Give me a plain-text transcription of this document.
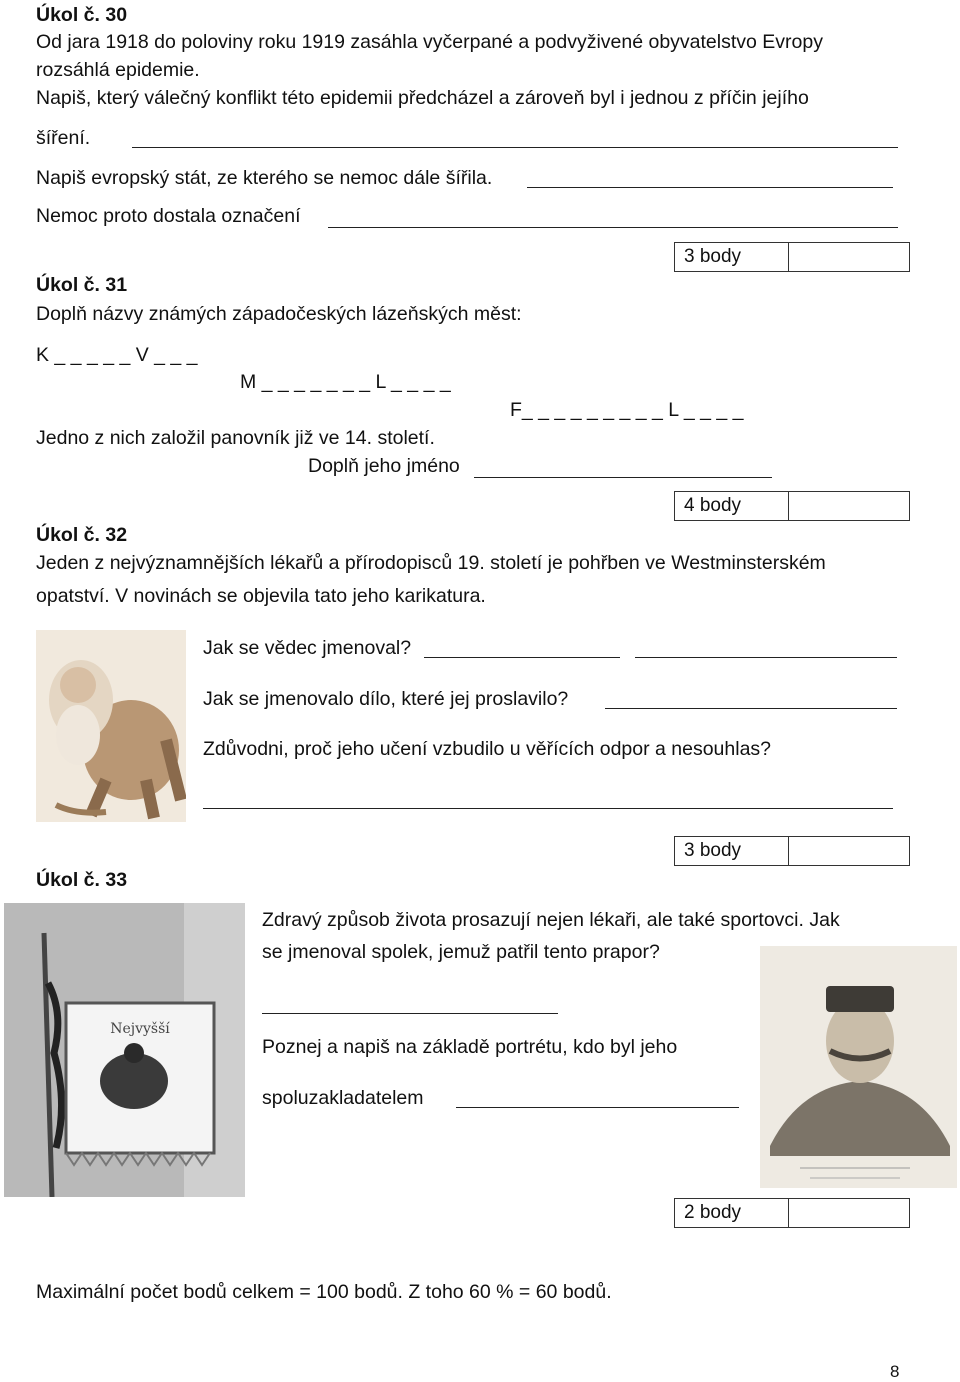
Úkol č. 30
Od jara 1918 do poloviny roku 1919 zasáhla vyčerpané a podvyživené obyvatelstvo Evropy
rozsáhlá epidemie.
Napiš, který válečný konflikt této epidemii předcházel a zároveň byl i jednou z příčin jejího
šíření.
Napiš evropský stát, ze kterého se nemoc dále šířila.
Nemoc proto dostala označení
3 body
Úkol č. 31
Doplň názvy známých západočeských lázeňských měst:
K _ _ _ _ _ V _ _ _
M _ _ _ _ _ _ _ L _ _ _ _
F_ _ _ _ _ _ _ _ _ L _ _ _ _
Jedno z nich založil panovník již ve 14. století.
Doplň jeho jméno
4 body
Úkol č. 32
Jeden z nejvýznamnějších lékařů a přírodopisců 19. století je pohřben ve Westminsterském
opatství. V novinách se objevila tato jeho karikatura.
Jak se vědec jmenoval?
Jak se jmenovalo dílo, které jej proslavilo?
Zdůvodni, proč jeho učení vzbudilo u věřících odpor a nesouhlas?
3 body
Úkol č. 33
Nejvyšší
Zdravý způsob života prosazují nejen lékaři, ale také sportovci. Jak
se jmenoval spolek, jemuž patřil tento prapor?
Poznej a napiš na základě portrétu, kdo byl jeho
spoluzakladatelem
2 body
Maximální počet bodů celkem = 100 bodů. Z toho 60 % = 60 bodů.
8
